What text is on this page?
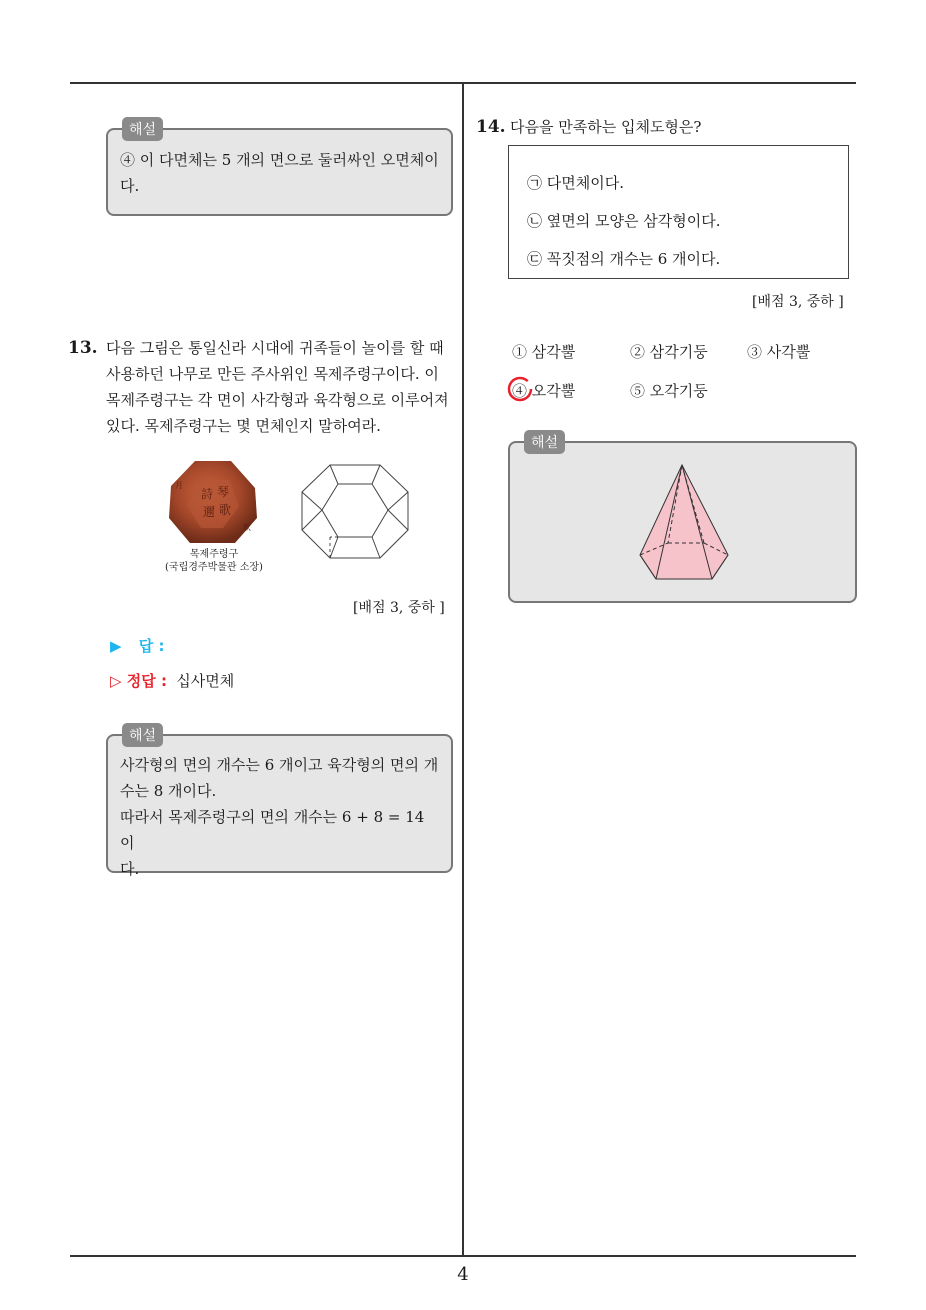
해설
④ 이 다면체는 5 개의 면으로 둘러싸인 오면체이
다.
13. 다음 그림은 통일신라 시대에 귀족들이 놀이를 할 때
사용하던 나무로 만든 주사위인 목제주령구이다. 이
목제주령구는 각 면이 사각형과 육각형으로 이루어져
있다. 목제주령구는 몇 면체인지 말하여라.
詩 琴
邇 歌
月
飮
목제주령구
(국립경주박물관 소장)
[배점 3, 중하 ]
▶ 답 :
▷ 정답 : 십사면체
해설
사각형의 면의 개수는 6 개이고 육각형의 면의 개
수는 8 개이다.
따라서 목제주령구의 면의 개수는 6 + 8 = 14 이
다.
14. 다음을 만족하는 입체도형은?
㉠ 다면체이다.
㉡ 옆면의 모양은 삼각형이다.
㉢ 꼭짓점의 개수는 6 개이다.
[배점 3, 중하 ]
① 삼각뿔	② 삼각기둥	③ 사각뿔
④ 오각뿔	⑤ 오각기둥
해설
4
